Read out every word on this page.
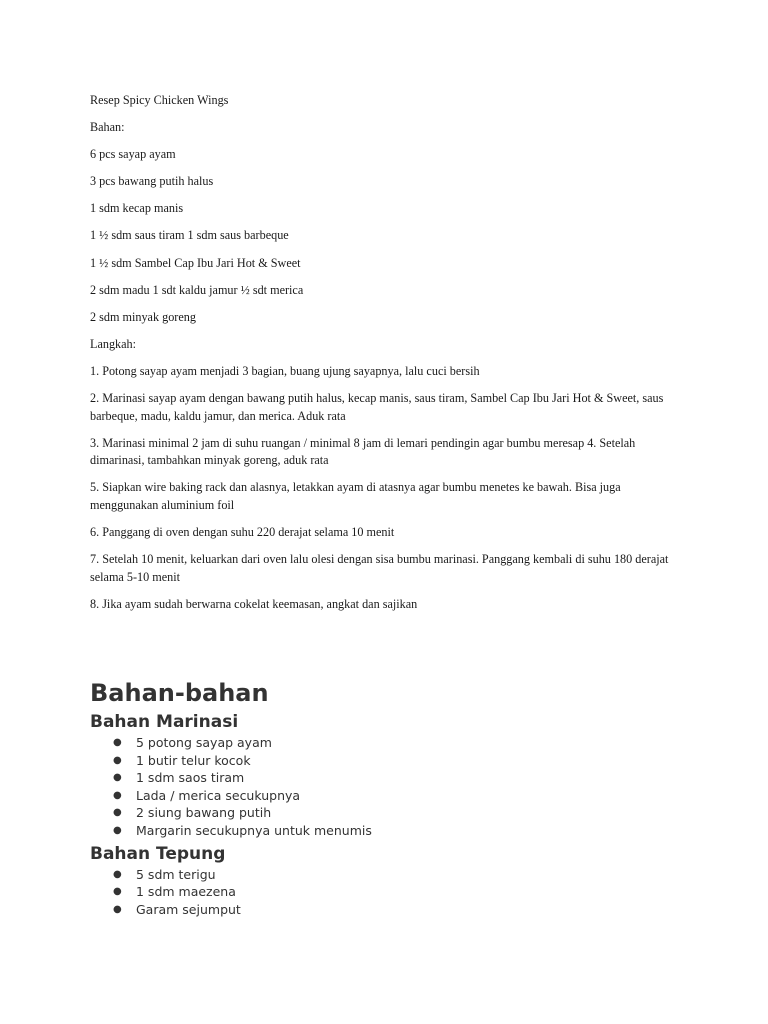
Resep Spicy Chicken Wings

Bahan:

6 pcs sayap ayam

3 pcs bawang putih halus

1 sdm kecap manis

1 ½ sdm saus tiram 1 sdm saus barbeque

1 ½ sdm Sambel Cap Ibu Jari Hot & Sweet

2 sdm madu 1 sdt kaldu jamur ½ sdt merica

2 sdm minyak goreng

Langkah:

1. Potong sayap ayam menjadi 3 bagian, buang ujung sayapnya, lalu cuci bersih

2. Marinasi sayap ayam dengan bawang putih halus, kecap manis, saus tiram, Sambel Cap Ibu Jari Hot & Sweet, saus barbeque, madu, kaldu jamur, dan merica. Aduk rata

3. Marinasi minimal 2 jam di suhu ruangan / minimal 8 jam di lemari pendingin agar bumbu meresap 4. Setelah dimarinasi, tambahkan minyak goreng, aduk rata

5. Siapkan wire baking rack dan alasnya, letakkan ayam di atasnya agar bumbu menetes ke bawah. Bisa juga menggunakan aluminium foil

6. Panggang di oven dengan suhu 220 derajat selama 10 menit

7. Setelah 10 menit, keluarkan dari oven lalu olesi dengan sisa bumbu marinasi. Panggang kembali di suhu 180 derajat selama 5-10 menit

8. Jika ayam sudah berwarna cokelat keemasan, angkat dan sajikan

Bahan-bahan
Bahan Marinasi
● 5 potong sayap ayam
● 1 butir telur kocok
● 1 sdm saos tiram
● Lada / merica secukupnya
● 2 siung bawang putih
● Margarin secukupnya untuk menumis
Bahan Tepung
● 5 sdm terigu
● 1 sdm maezena
● Garam sejumput
